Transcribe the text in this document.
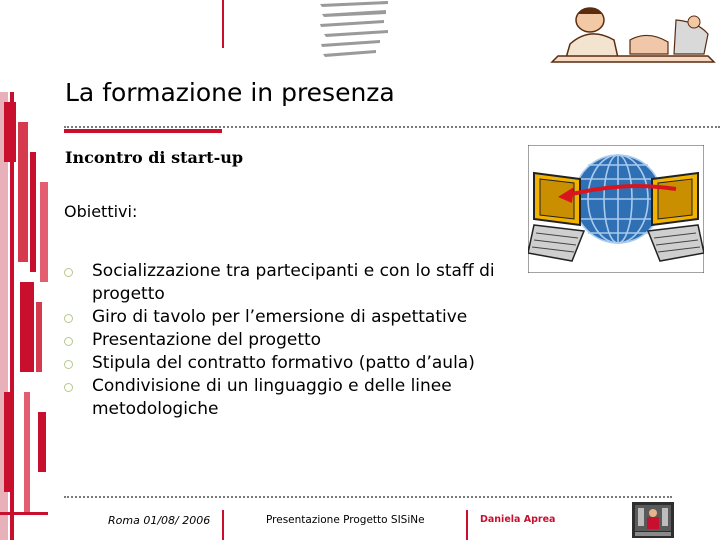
La formazione in presenza
Incontro di start-up
Obiettivi:
Socializzazione tra partecipanti e con lo staff di progetto
Giro di tavolo per l’emersione di aspettative
Presentazione del progetto
Stipula del contratto formativo (patto d’aula)
Condivisione di un linguaggio e delle linee metodologiche
Roma 01/08/ 2006	Presentazione Progetto SISiNe	Daniela Aprea
